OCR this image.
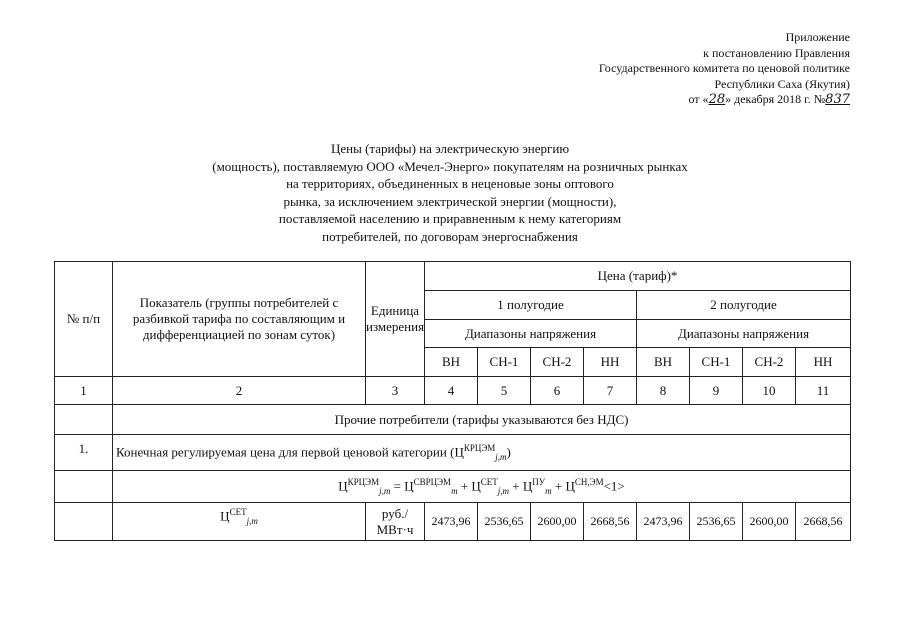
Приложение
к постановлению Правления
Государственного комитета по ценовой политике
Республики Саха (Якутия)
от «28» декабря 2018 г. №837
Цены (тарифы) на электрическую энергию
(мощность), поставляемую ООО «Мечел-Энерго» покупателям на розничных рынках
на территориях, объединенных в неценовые зоны оптового
рынка, за исключением электрической энергии (мощности),
поставляемой населению и приравненным к нему категориям
потребителей, по договорам энергоснабжения
№ п/п	Показатель (группы потребителей с разбивкой тарифа по составляющим и дифференциацией по зонам суток)	Единица измерения	Цена (тариф)*							
			1 полугодие				2 полугодие			
			Диапазоны напряжения				Диапазоны напряжения			
			ВН	СН-1	СН-2	НН	ВН	СН-1	СН-2	НН
1	2	3	4	5	6	7	8	9	10	11
	Прочие потребители (тарифы указываются без НДС)									
1.	Конечная регулируемая цена для первой ценовой категории $(Ц^{КРЦЭМ}_{j,m})$									
	$Ц^{КРЦЭМ}_{j,m} = Ц^{СВРЦЭМ}_m + Ц^{СЕТ}_{j,m} + Ц^{ПУ}_m + Ц^{СН,ЭМ}<1>$									
	$Ц^{СЕТ}_{j,m}$	руб./МВт·ч	2473,96	2536,65	2600,00	2668,56	2473,96	2536,65	2600,00	2668,56
